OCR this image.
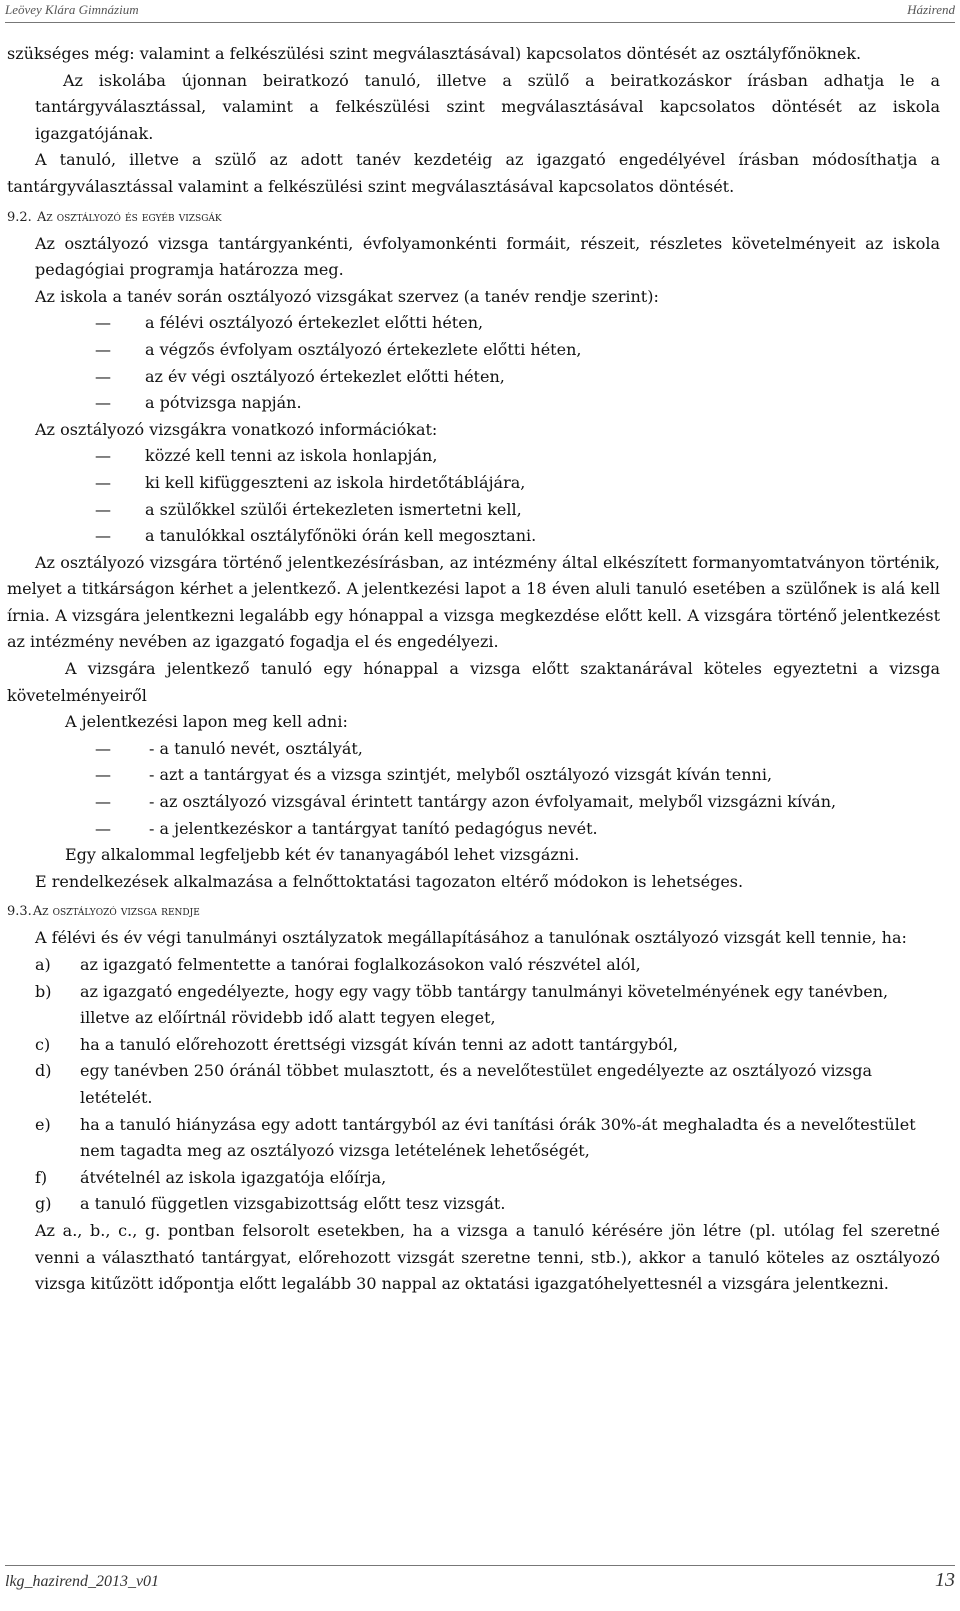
Leövey Klára Gimnázium	Házirend

szükséges még: valamint a felkészülési szint megválasztásával) kapcsolatos döntését az osztályfőnöknek.

Az iskolába újonnan beiratkozó tanuló, illetve a szülő a beiratkozáskor írásban adhatja le a tantárgyválasztással, valamint a felkészülési szint megválasztásával kapcsolatos döntését az iskola igazgatójának.

A tanuló, illetve a szülő az adott tanév kezdetéig az igazgató engedélyével írásban módosíthatja a tantárgyválasztással valamint a felkészülési szint megválasztásával kapcsolatos döntését.

9.2. Az osztályozó és egyéb vizsgák

Az osztályozó vizsga tantárgyankénti, évfolyamonkénti formáit, részeit, részletes követelményeit az iskola pedagógiai programja határozza meg.

Az iskola a tanév során osztályozó vizsgákat szervez (a tanév rendje szerint):

—	a félévi osztályozó értekezlet előtti héten,
—	a végzős évfolyam osztályozó értekezlete előtti héten,
—	az év végi osztályozó értekezlet előtti héten,
—	a pótvizsga napján.

Az osztályozó vizsgákra vonatkozó információkat:

—	közzé kell tenni az iskola honlapján,
—	ki kell kifüggeszteni az iskola hirdetőtáblájára,
—	a szülőkkel szülői értekezleten ismertetni kell,
—	a tanulókkal osztályfőnöki órán kell megosztani.

Az osztályozó vizsgára történő jelentkezésírásban, az intézmény által elkészített formanyomtatványon történik, melyet a titkárságon kérhet a jelentkező. A jelentkezési lapot a 18 éven aluli tanuló esetében a szülőnek is alá kell írnia. A vizsgára jelentkezni legalább egy hónappal a vizsga megkezdése előtt kell. A vizsgára történő jelentkezést az intézmény nevében az igazgató fogadja el és engedélyezi.

A vizsgára jelentkező tanuló egy hónappal a vizsga előtt szaktanárával köteles egyeztetni a vizsga követelményeiről

A jelentkezési lapon meg kell adni:

—	- a tanuló nevét, osztályát,
—	- azt a tantárgyat és a vizsga szintjét, melyből osztályozó vizsgát kíván tenni,
—	- az osztályozó vizsgával érintett tantárgy azon évfolyamait, melyből vizsgázni kíván,
—	- a jelentkezéskor a tantárgyat tanító pedagógus nevét.

Egy alkalommal legfeljebb két év tananyagából lehet vizsgázni.

E rendelkezések alkalmazása a felnőttoktatási tagozaton eltérő módokon is lehetséges.

9.3.Az osztályozó vizsga rendje

A félévi és év végi tanulmányi osztályzatok megállapításához a tanulónak osztályozó vizsgát kell tennie, ha:

a)	az igazgató felmentette a tanórai foglalkozásokon való részvétel alól,
b)	az igazgató engedélyezte, hogy egy vagy több tantárgy tanulmányi követelményének egy tanévben, illetve az előírtnál rövidebb idő alatt tegyen eleget,
c)	ha a tanuló előrehozott érettségi vizsgát kíván tenni az adott tantárgyból,
d)	egy tanévben 250 óránál többet mulasztott, és a nevelőtestület engedélyezte az osztályozó vizsga letételét.
e)	ha a tanuló hiányzása egy adott tantárgyból az évi tanítási órák 30%-át meghaladta és a nevelőtestület nem tagadta meg az osztályozó vizsga letételének lehetőségét,
f)	átvételnél az iskola igazgatója előírja,
g)	a tanuló független vizsgabizottság előtt tesz vizsgát.

Az a., b., c., g. pontban felsorolt esetekben, ha a vizsga a tanuló kérésére jön létre (pl. utólag fel szeretné venni a választható tantárgyat, előrehozott vizsgát szeretne tenni, stb.), akkor a tanuló köteles az osztályozó vizsga kitűzött időpontja előtt legalább 30 nappal az oktatási igazgatóhelyettesnél a vizsgára jelentkezni.

lkg_hazirend_2013_v01	13
